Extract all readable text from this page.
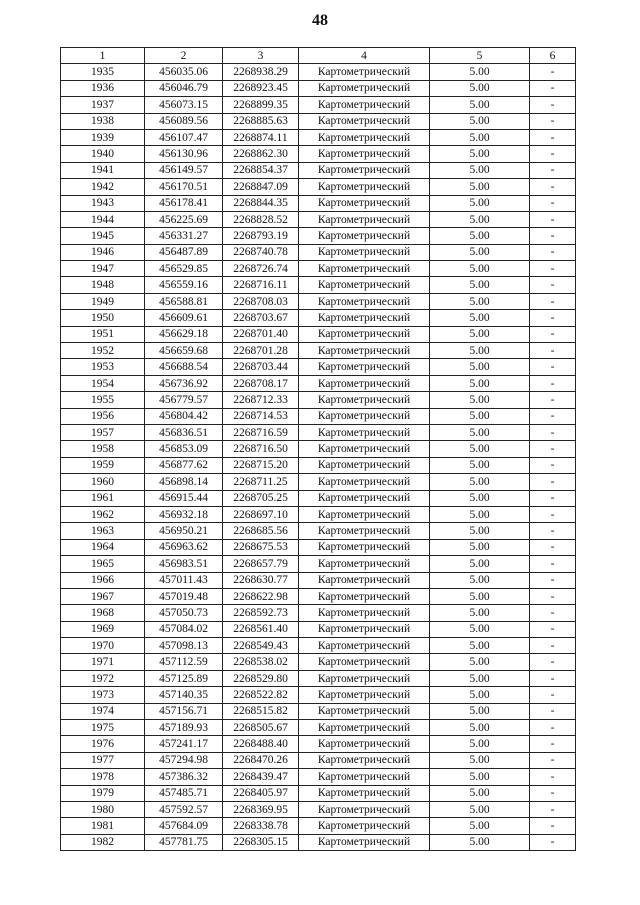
48
1	2	3	4	5	6
1935	456035.06	2268938.29	Картометрический	5.00	-
1936	456046.79	2268923.45	Картометрический	5.00	-
1937	456073.15	2268899.35	Картометрический	5.00	-
1938	456089.56	2268885.63	Картометрический	5.00	-
1939	456107.47	2268874.11	Картометрический	5.00	-
1940	456130.96	2268862.30	Картометрический	5.00	-
1941	456149.57	2268854.37	Картометрический	5.00	-
1942	456170.51	2268847.09	Картометрический	5.00	-
1943	456178.41	2268844.35	Картометрический	5.00	-
1944	456225.69	2268828.52	Картометрический	5.00	-
1945	456331.27	2268793.19	Картометрический	5.00	-
1946	456487.89	2268740.78	Картометрический	5.00	-
1947	456529.85	2268726.74	Картометрический	5.00	-
1948	456559.16	2268716.11	Картометрический	5.00	-
1949	456588.81	2268708.03	Картометрический	5.00	-
1950	456609.61	2268703.67	Картометрический	5.00	-
1951	456629.18	2268701.40	Картометрический	5.00	-
1952	456659.68	2268701.28	Картометрический	5.00	-
1953	456688.54	2268703.44	Картометрический	5.00	-
1954	456736.92	2268708.17	Картометрический	5.00	-
1955	456779.57	2268712.33	Картометрический	5.00	-
1956	456804.42	2268714.53	Картометрический	5.00	-
1957	456836.51	2268716.59	Картометрический	5.00	-
1958	456853.09	2268716.50	Картометрический	5.00	-
1959	456877.62	2268715.20	Картометрический	5.00	-
1960	456898.14	2268711.25	Картометрический	5.00	-
1961	456915.44	2268705.25	Картометрический	5.00	-
1962	456932.18	2268697.10	Картометрический	5.00	-
1963	456950.21	2268685.56	Картометрический	5.00	-
1964	456963.62	2268675.53	Картометрический	5.00	-
1965	456983.51	2268657.79	Картометрический	5.00	-
1966	457011.43	2268630.77	Картометрический	5.00	-
1967	457019.48	2268622.98	Картометрический	5.00	-
1968	457050.73	2268592.73	Картометрический	5.00	-
1969	457084.02	2268561.40	Картометрический	5.00	-
1970	457098.13	2268549.43	Картометрический	5.00	-
1971	457112.59	2268538.02	Картометрический	5.00	-
1972	457125.89	2268529.80	Картометрический	5.00	-
1973	457140.35	2268522.82	Картометрический	5.00	-
1974	457156.71	2268515.82	Картометрический	5.00	-
1975	457189.93	2268505.67	Картометрический	5.00	-
1976	457241.17	2268488.40	Картометрический	5.00	-
1977	457294.98	2268470.26	Картометрический	5.00	-
1978	457386.32	2268439.47	Картометрический	5.00	-
1979	457485.71	2268405.97	Картометрический	5.00	-
1980	457592.57	2268369.95	Картометрический	5.00	-
1981	457684.09	2268338.78	Картометрический	5.00	-
1982	457781.75	2268305.15	Картометрический	5.00	-
